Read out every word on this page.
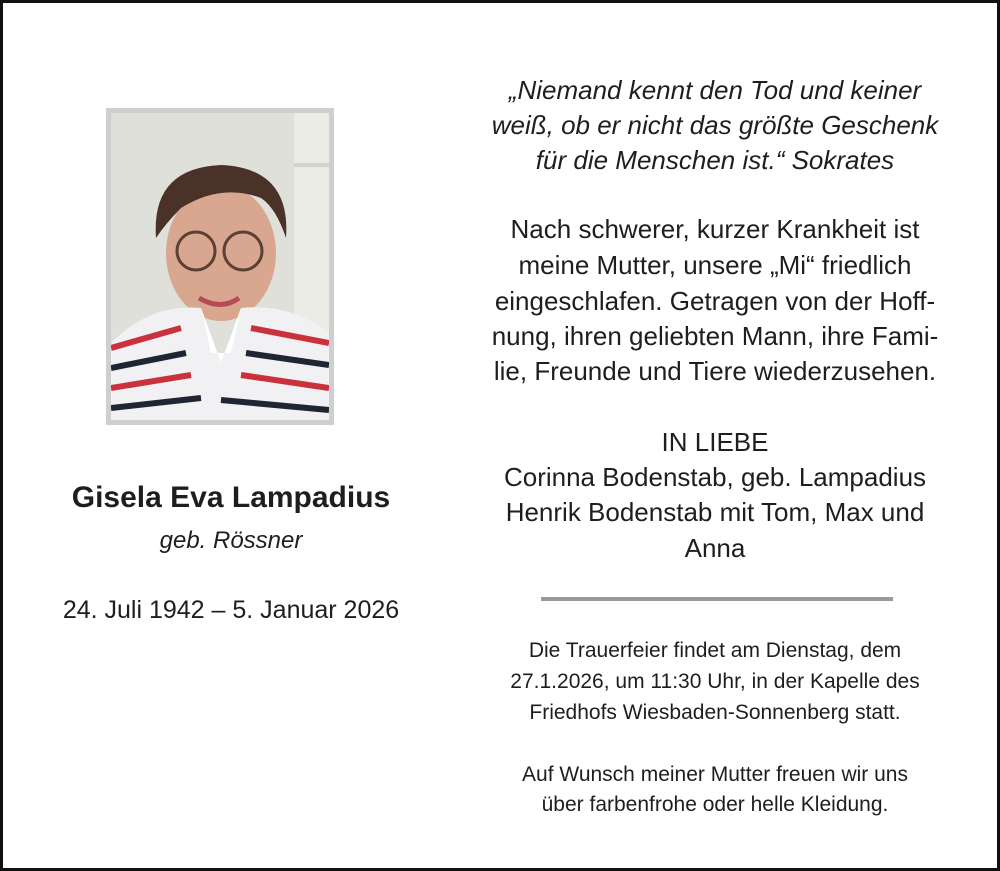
Gisela Eva Lampadius
geb. Rössner
24. Juli 1942 – 5. Januar 2026
„Niemand kennt den Tod und keiner
weiß, ob er nicht das größte Geschenk
für die Menschen ist.“ Sokrates
Nach schwerer, kurzer Krankheit ist
meine Mutter, unsere „Mi“ friedlich
eingeschlafen. Getragen von der Hoff-
nung, ihren geliebten Mann, ihre Fami-
lie, Freunde und Tiere wiederzusehen.
IN LIEBE
Corinna Bodenstab, geb. Lampadius
Henrik Bodenstab mit Tom, Max und
Anna
Die Trauerfeier findet am Dienstag, dem
27.1.2026, um 11:30 Uhr, in der Kapelle des
Friedhofs Wiesbaden-Sonnenberg statt.
Auf Wunsch meiner Mutter freuen wir uns
über farbenfrohe oder helle Kleidung.
